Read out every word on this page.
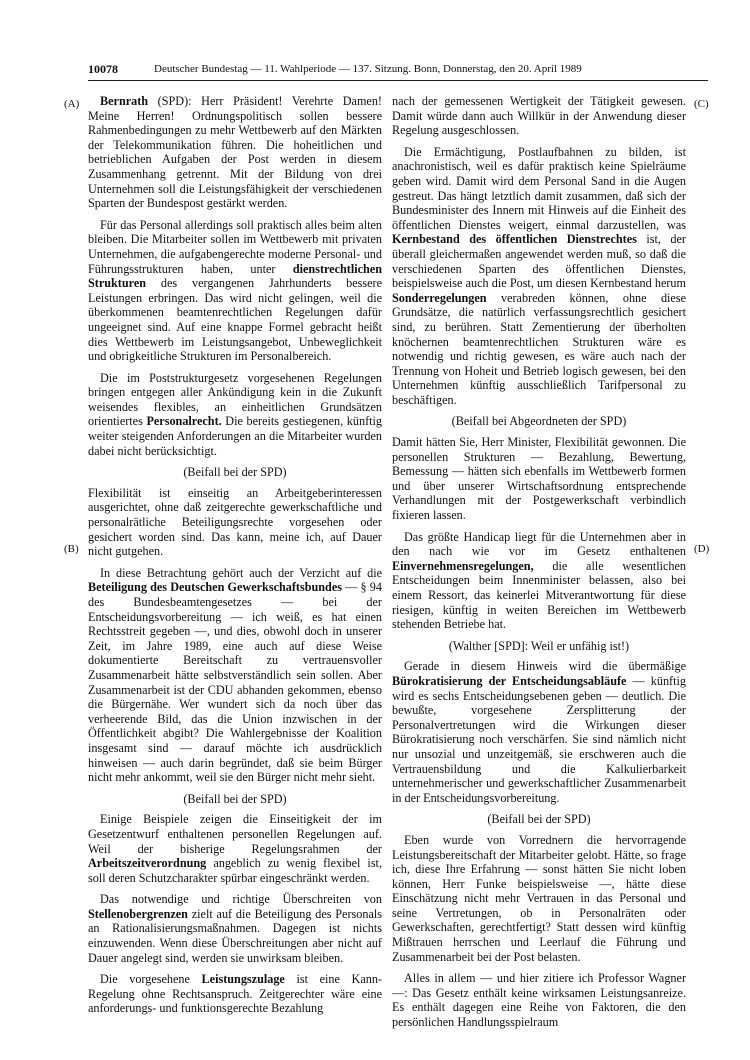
10078	Deutscher Bundestag — 11. Wahlperiode — 137. Sitzung. Bonn, Donnerstag, den 20. April 1989
(A)
(B)
(C)
(D)

Bernrath (SPD): Herr Präsident! Verehrte Damen! Meine Herren! Ordnungspolitisch sollen bessere Rahmenbedingungen zu mehr Wettbewerb auf den Märkten der Telekommunikation führen. Die hoheitlichen und betrieblichen Aufgaben der Post werden in diesem Zusammenhang getrennt. Mit der Bildung von drei Unternehmen soll die Leistungsfähigkeit der verschiedenen Sparten der Bundespost gestärkt werden.

Für das Personal allerdings soll praktisch alles beim alten bleiben. Die Mitarbeiter sollen im Wettbewerb mit privaten Unternehmen, die aufgabengerechte moderne Personal- und Führungsstrukturen haben, unter dienstrechtlichen Strukturen des vergangenen Jahrhunderts bessere Leistungen erbringen. Das wird nicht gelingen, weil die überkommenen beamtenrechtlichen Regelungen dafür ungeeignet sind. Auf eine knappe Formel gebracht heißt dies Wettbewerb im Leistungsangebot, Unbeweglichkeit und obrigkeitliche Strukturen im Personalbereich.

Die im Poststrukturgesetz vorgesehenen Regelungen bringen entgegen aller Ankündigung kein in die Zukunft weisendes flexibles, an einheitlichen Grundsätzen orientiertes Personalrecht. Die bereits gestiegenen, künftig weiter steigenden Anforderungen an die Mitarbeiter wurden dabei nicht berücksichtigt.

(Beifall bei der SPD)

Flexibilität ist einseitig an Arbeitgeberinteressen ausgerichtet, ohne daß zeitgerechte gewerkschaftliche und personalrätliche Beteiligungsrechte vorgesehen oder gesichert worden sind. Das kann, meine ich, auf Dauer nicht gutgehen.

In diese Betrachtung gehört auch der Verzicht auf die Beteiligung des Deutschen Gewerkschaftsbundes — § 94 des Bundesbeamtengesetzes — bei der Entscheidungsvorbereitung — ich weiß, es hat einen Rechtsstreit gegeben —, und dies, obwohl doch in unserer Zeit, im Jahre 1989, eine auch auf diese Weise dokumentierte Bereitschaft zu vertrauensvoller Zusammenarbeit hätte selbstverständlich sein sollen. Aber Zusammenarbeit ist der CDU abhanden gekommen, ebenso die Bürgernähe. Wer wundert sich da noch über das verheerende Bild, das die Union inzwischen in der Öffentlichkeit abgibt? Die Wahlergebnisse der Koalition insgesamt sind — darauf möchte ich ausdrücklich hinweisen — auch darin begründet, daß sie beim Bürger nicht mehr ankommt, weil sie den Bürger nicht mehr sieht.

(Beifall bei der SPD)

Einige Beispiele zeigen die Einseitigkeit der im Gesetzentwurf enthaltenen personellen Regelungen auf. Weil der bisherige Regelungsrahmen der Arbeitszeitverordnung angeblich zu wenig flexibel ist, soll deren Schutzcharakter spürbar eingeschränkt werden.

Das notwendige und richtige Überschreiten von Stellenobergrenzen zielt auf die Beteiligung des Personals an Rationalisierungsmaßnahmen. Dagegen ist nichts einzuwenden. Wenn diese Überschreitungen aber nicht auf Dauer angelegt sind, werden sie unwirksam bleiben.

Die vorgesehene Leistungszulage ist eine Kann-Regelung ohne Rechtsanspruch. Zeitgerechter wäre eine anforderungs- und funktionsgerechte Bezahlung

nach der gemessenen Wertigkeit der Tätigkeit gewesen. Damit würde dann auch Willkür in der Anwendung dieser Regelung ausgeschlossen.

Die Ermächtigung, Postlaufbahnen zu bilden, ist anachronistisch, weil es dafür praktisch keine Spielräume geben wird. Damit wird dem Personal Sand in die Augen gestreut. Das hängt letztlich damit zusammen, daß sich der Bundesminister des Innern mit Hinweis auf die Einheit des öffentlichen Dienstes weigert, einmal darzustellen, was Kernbestand des öffentlichen Dienstrechtes ist, der überall gleichermaßen angewendet werden muß, so daß die verschiedenen Sparten des öffentlichen Dienstes, beispielsweise auch die Post, um diesen Kernbestand herum Sonderregelungen verabreden können, ohne diese Grundsätze, die natürlich verfassungsrechtlich gesichert sind, zu berühren. Statt Zementierung der überholten knöchernen beamtenrechtlichen Strukturen wäre es notwendig und richtig gewesen, es wäre auch nach der Trennung von Hoheit und Betrieb logisch gewesen, bei den Unternehmen künftig ausschließlich Tarifpersonal zu beschäftigen.

(Beifall bei Abgeordneten der SPD)

Damit hätten Sie, Herr Minister, Flexibilität gewonnen. Die personellen Strukturen — Bezahlung, Bewertung, Bemessung — hätten sich ebenfalls im Wettbewerb formen und über unserer Wirtschaftsordnung entsprechende Verhandlungen mit der Postgewerkschaft verbindlich fixieren lassen.

Das größte Handicap liegt für die Unternehmen aber in den nach wie vor im Gesetz enthaltenen Einvernehmensregelungen, die alle wesentlichen Entscheidungen beim Innenminister belassen, also bei einem Ressort, das keinerlei Mitverantwortung für diese riesigen, künftig in weiten Bereichen im Wettbewerb stehenden Betriebe hat.

(Walther [SPD]: Weil er unfähig ist!)

Gerade in diesem Hinweis wird die übermäßige Bürokratisierung der Entscheidungsabläufe — künftig wird es sechs Entscheidungsebenen geben — deutlich. Die bewußte, vorgesehene Zersplitterung der Personalvertretungen wird die Wirkungen dieser Bürokratisierung noch verschärfen. Sie sind nämlich nicht nur unsozial und unzeitgemäß, sie erschweren auch die Vertrauensbildung und die Kalkulierbarkeit unternehmerischer und gewerkschaftlicher Zusammenarbeit in der Entscheidungsvorbereitung.

(Beifall bei der SPD)

Eben wurde von Vorrednern die hervorragende Leistungsbereitschaft der Mitarbeiter gelobt. Hätte, so frage ich, diese Ihre Erfahrung — sonst hätten Sie nicht loben können, Herr Funke beispielsweise —, hätte diese Einschätzung nicht mehr Vertrauen in das Personal und seine Vertretungen, ob in Personalräten oder Gewerkschaften, gerechtfertigt? Statt dessen wird künftig Mißtrauen herrschen und Leerlauf die Führung und Zusammenarbeit bei der Post belasten.

Alles in allem — und hier zitiere ich Professor Wagner —: Das Gesetz enthält keine wirksamen Leistungsanreize. Es enthält dagegen eine Reihe von Faktoren, die den persönlichen Handlungsspielraum
